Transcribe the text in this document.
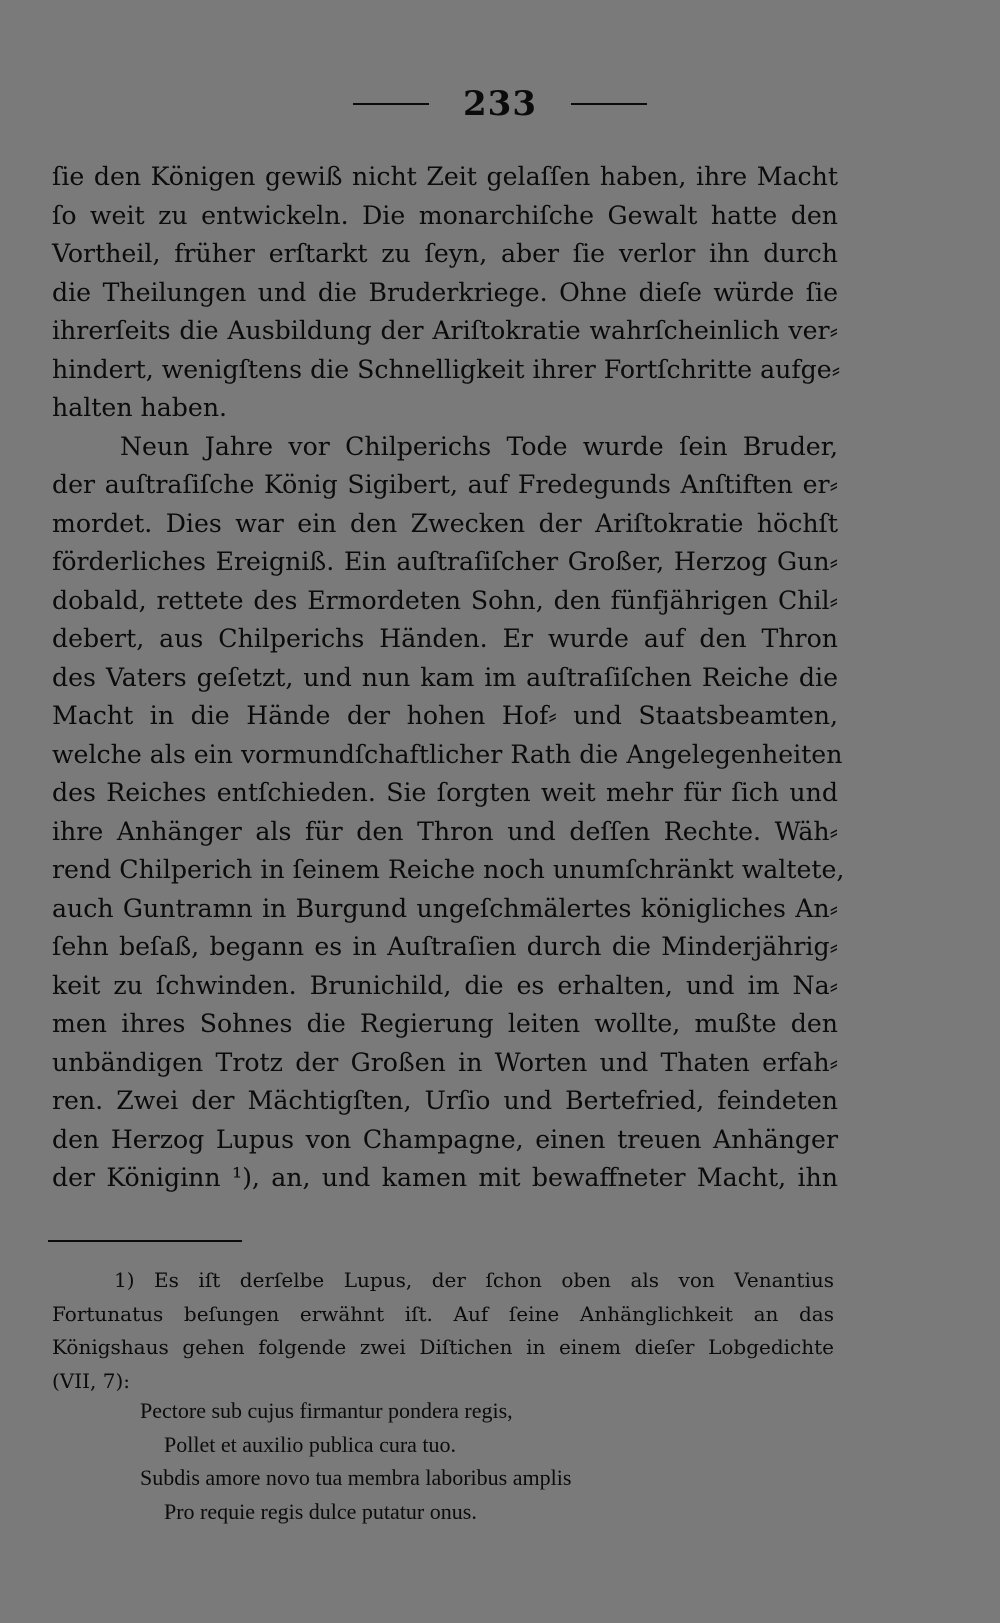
233
ſie den Königen gewiß nicht Zeit gelaſſen haben, ihre Macht
ſo weit zu entwickeln. Die monarchiſche Gewalt hatte den
Vortheil, früher erſtarkt zu ſeyn, aber ſie verlor ihn durch
die Theilungen und die Bruderkriege. Ohne dieſe würde ſie
ihrerſeits die Ausbildung der Ariſtokratie wahrſcheinlich ver⸗
hindert, wenigſtens die Schnelligkeit ihrer Fortſchritte aufge⸗
halten haben.
Neun Jahre vor Chilperichs Tode wurde ſein Bruder,
der auſtraſiſche König Sigibert, auf Fredegunds Anſtiften er⸗
mordet. Dies war ein den Zwecken der Ariſtokratie höchſt
förderliches Ereigniß. Ein auſtraſiſcher Großer, Herzog Gun⸗
dobald, rettete des Ermordeten Sohn, den fünfjährigen Chil⸗
debert, aus Chilperichs Händen. Er wurde auf den Thron
des Vaters geſetzt, und nun kam im auſtraſiſchen Reiche die
Macht in die Hände der hohen Hof⸗ und Staatsbeamten,
welche als ein vormundſchaftlicher Rath die Angelegenheiten
des Reiches entſchieden. Sie ſorgten weit mehr für ſich und
ihre Anhänger als für den Thron und deſſen Rechte. Wäh⸗
rend Chilperich in ſeinem Reiche noch unumſchränkt waltete,
auch Guntramn in Burgund ungeſchmälertes königliches An⸗
ſehn beſaß, begann es in Auſtraſien durch die Minderjährig⸗
keit zu ſchwinden. Brunichild, die es erhalten, und im Na⸗
men ihres Sohnes die Regierung leiten wollte, mußte den
unbändigen Trotz der Großen in Worten und Thaten erfah⸗
ren. Zwei der Mächtigſten, Urſio und Bertefried, feindeten
den Herzog Lupus von Champagne, einen treuen Anhänger
der Königinn ¹), an, und kamen mit bewaffneter Macht, ihn
1) Es iſt derſelbe Lupus, der ſchon oben als von Venantius
Fortunatus beſungen erwähnt iſt. Auf ſeine Anhänglichkeit an das
Königshaus gehen folgende zwei Diſtichen in einem dieſer Lobgedichte
(VII, 7):
Pectore sub cujus firmantur pondera regis,
Pollet et auxilio publica cura tuo.
Subdis amore novo tua membra laboribus amplis
Pro requie regis dulce putatur onus.
